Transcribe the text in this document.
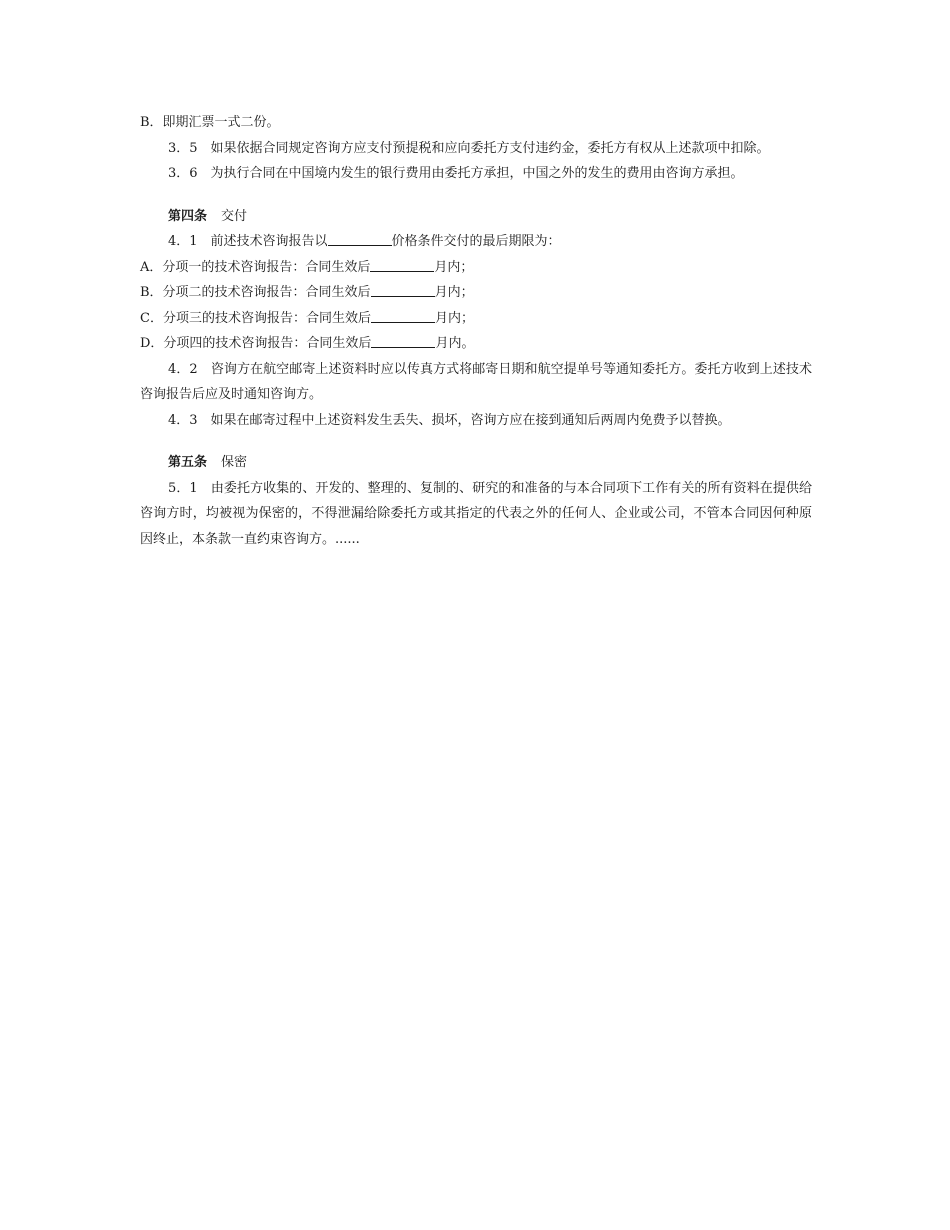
B．即期汇票一式二份。
3．5　如果依据合同规定咨询方应支付预提税和应向委托方支付违约金，委托方有权从上述款项中扣除。
3．6　为执行合同在中国境内发生的银行费用由委托方承担，中国之外的发生的费用由咨询方承担。
第四条 交付
4．1　前述技术咨询报告以	价格条件交付的最后期限为：
A．分项一的技术咨询报告：合同生效后	月内；
B．分项二的技术咨询报告：合同生效后	月内；
C．分项三的技术咨询报告：合同生效后	月内；
D．分项四的技术咨询报告：合同生效后	月内。
4．2　咨询方在航空邮寄上述资料时应以传真方式将邮寄日期和航空提单号等通知委托方。委托方收到上述技术咨询报告后应及时通知咨询方。
4．3　如果在邮寄过程中上述资料发生丢失、损坏，咨询方应在接到通知后两周内免费予以替换。
第五条 保密
5．1　由委托方收集的、开发的、整理的、复制的、研究的和准备的与本合同项下工作有关的所有资料在提供给咨询方时，均被视为保密的，不得泄漏给除委托方或其指定的代表之外的任何人、企业或公司，不管本合同因何种原因终止，本条款一直约束咨询方。......
